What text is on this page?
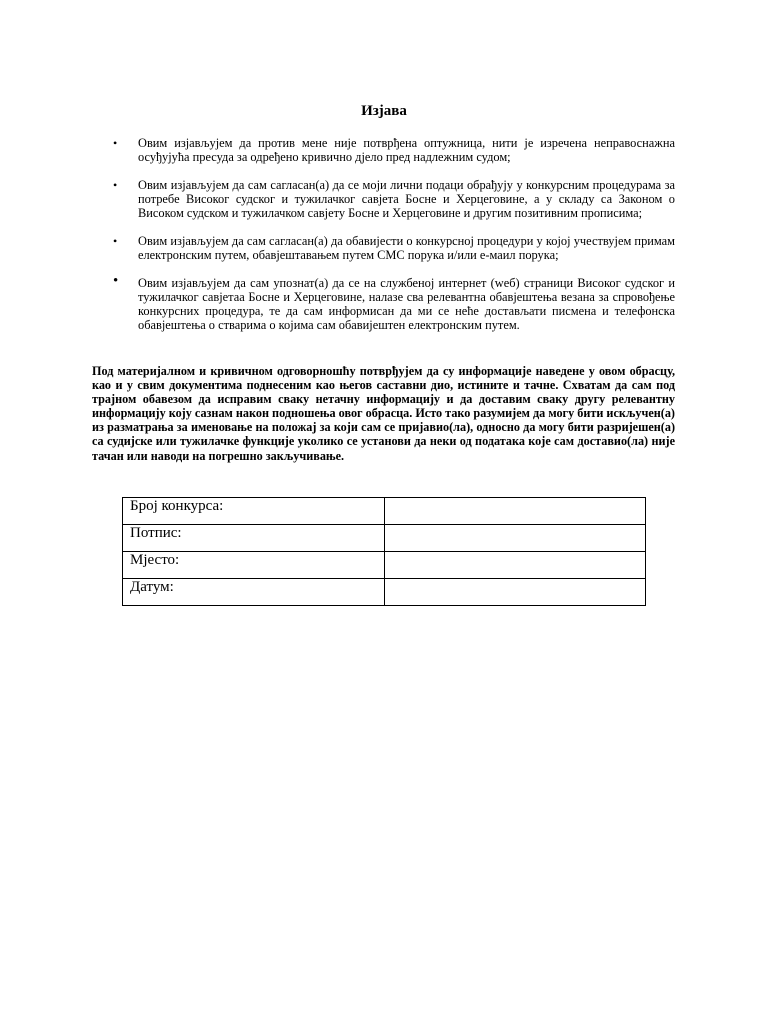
Изјава
• Овим изјављујем да против мене није потврђена оптужница, нити је изречена неправоснажна осуђујућа пресуда за одређено кривично дјело пред надлежним судом;
• Овим изјављујем да сам сагласан(а) да се моји лични подаци обрађују у конкурсним процедурама за потребе Високог судског и тужилачког савјета Босне и Херцеговине, а у складу са Законом о Високом судском и тужилачком савјету Босне и Херцеговине и другим позитивним прописима;
• Овим изјављујем да сам сагласан(а) да обавијести о конкурсној процедури у којој учествујем примам електронским путем, обавјештавањем путем СМС порука и/или е-маил порука;
• Овим изјављујем да сам упознат(а) да се на службеној интернет (weб) страници Високог судског и тужилачког савјетаа Босне и Херцеговине, налазе сва релевантна обавјештења везана за спровођење конкурсних процедура, те да сам информисан да ми се неће достављати писмена и телефонска обавјештења о стварима о којима сам обавијештен електронским путем.

Под материјалном и кривичном одговорношћу потврђујем да су информације наведене у овом обрасцу, као и у свим документима поднесеним као његов саставни дио, истините и тачне. Схватам да сам под трајном обавезом да исправим сваку нетачну информацију и да доставим сваку другу релевантну информацију коју сазнам након подношења овог обрасца. Исто тако разумијем да могу бити искључен(а) из разматрања за именовање на положај за који сам се пријавио(ла), односно да могу бити разријешен(а) са судијске или тужилачке функције уколико се установи да неки од података које сам доставио(ла) није тачан или наводи на погрешно закључивање.

Број конкурса:	
Потпис:	
Мјесто:	
Датум:	
